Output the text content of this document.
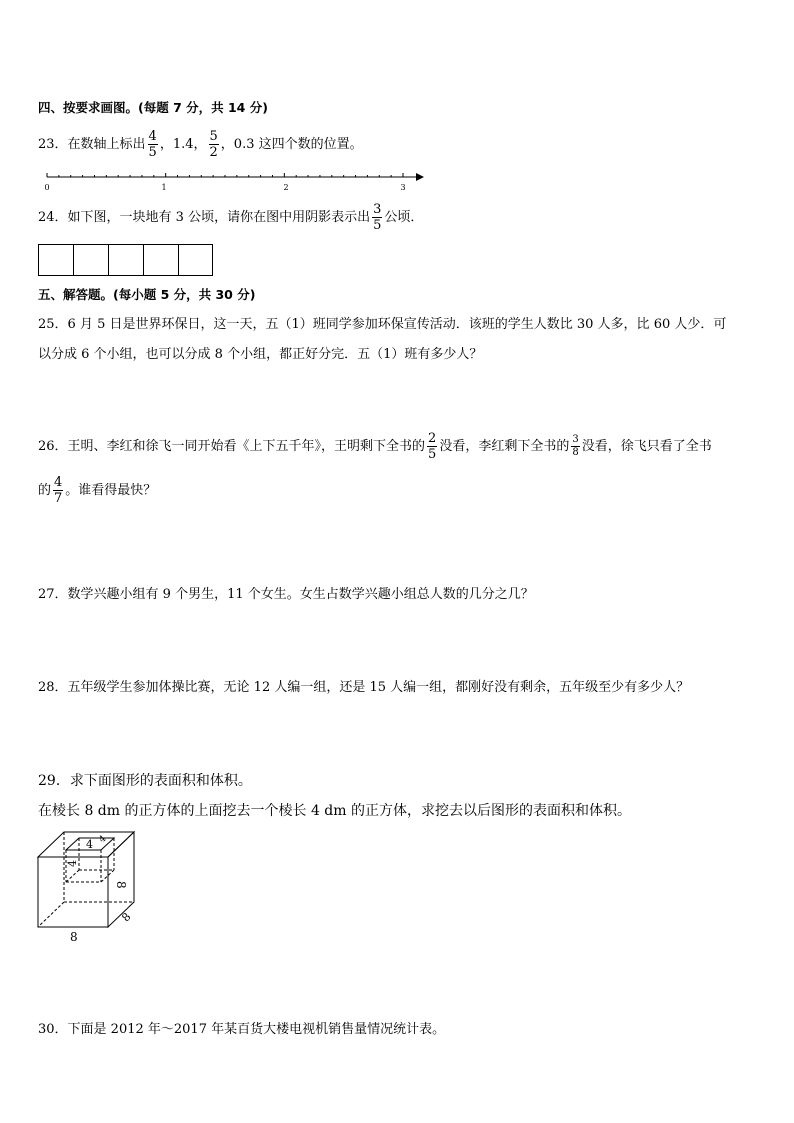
四、按要求画图。(每题 7 分，共 14 分)
23．在数轴上标出 $\frac{4}{5}$ ，1.4， $\frac{5}{2}$ ，0.3 这四个数的位置。
0	1	2	3
24．如下图，一块地有 3 公顷，请你在图中用阴影表示出 $\frac{3}{5}$ 公顷．
五、解答题。(每小题 5 分，共 30 分)
25．6 月 5 日是世界环保日，这一天，五（1）班同学参加环保宣传活动．该班的学生人数比 30 人多，比 60 人少．可
以分成 6 个小组，也可以分成 8 个小组，都正好分完．五（1）班有多少人？
26．王明、李红和徐飞一同开始看《上下五千年》，王明剩下全书的 $\frac{2}{5}$ 没看，李红剩下全书的 $\frac{3}{8}$ 没看，徐飞只看了全书
的 $\frac{4}{7}$ 。谁看得最快？
27．数学兴趣小组有 9 个男生，11 个女生。女生占数学兴趣小组总人数的几分之几？
28．五年级学生参加体操比赛，无论 12 人编一组，还是 15 人编一组，都刚好没有剩余，五年级至少有多少人？
29．求下面图形的表面积和体积。
在棱长 8 dm 的正方体的上面挖去一个棱长 4 dm 的正方体，求挖去以后图形的表面积和体积。
4 4
4
8
8
8
30．下面是 2012 年～2017 年某百货大楼电视机销售量情况统计表。
